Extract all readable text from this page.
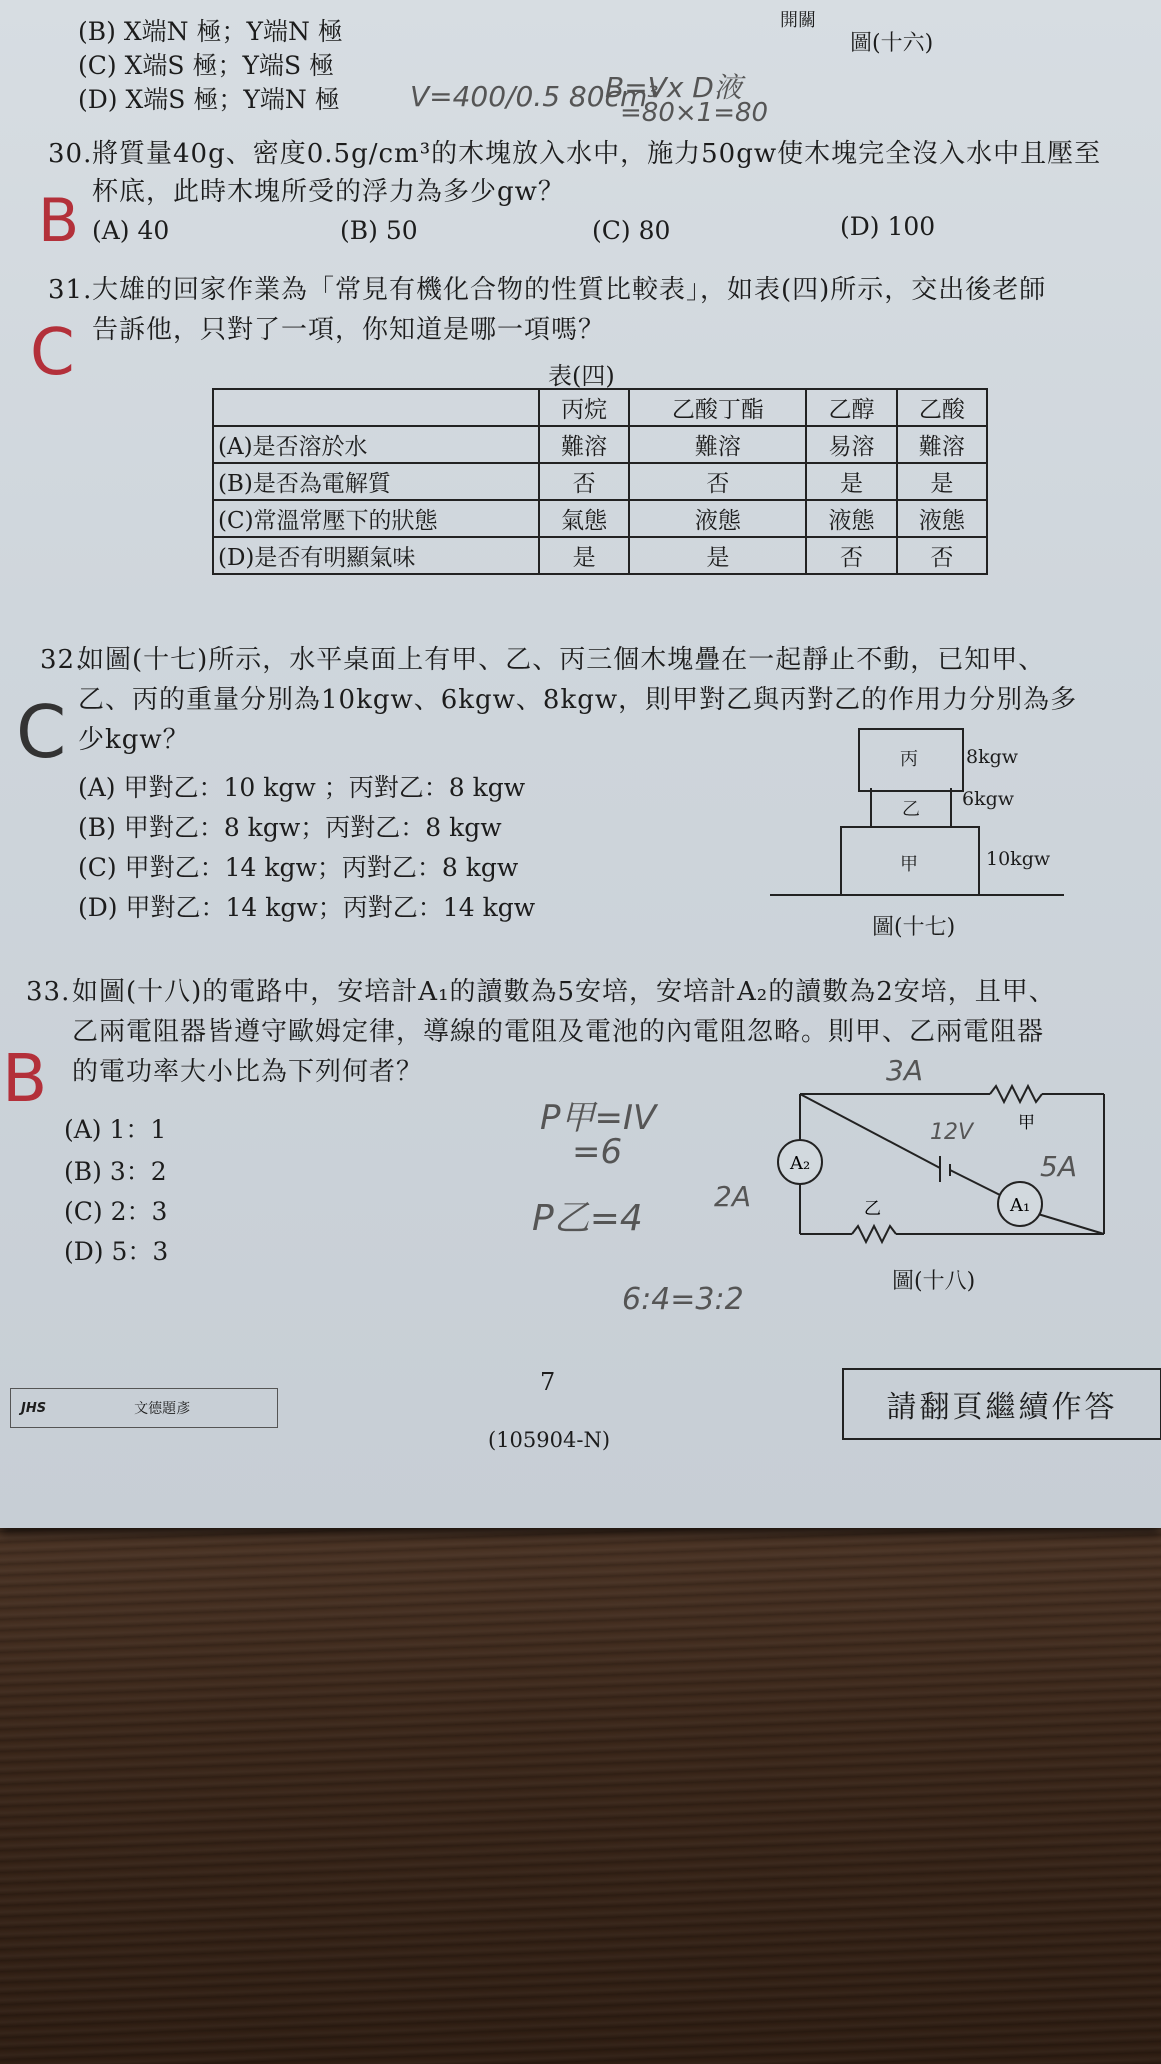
(B) X端N 極；Y端N 極
(C) X端S 極；Y端S 極
(D) X端S 極；Y端N 極
開關
圖(十六)
V=400/0.5 80cm³
B=Vx D液
=80×1=80
30. 將質量40g、密度0.5g/cm³的木塊放入水中，施力50gw使木塊完全沒入水中且壓至
杯底，此時木塊所受的浮力為多少gw？
(A) 40	(B) 50	(C) 80	(D) 100
B
31. 大雄的回家作業為「常見有機化合物的性質比較表」，如表(四)所示，交出後老師
告訴他，只對了一項，你知道是哪一項嗎？
C	表(四)
	丙烷	乙酸丁酯	乙醇	乙酸
(A)是否溶於水	難溶	難溶	易溶	難溶
(B)是否為電解質	否	否	是	是
(C)常溫常壓下的狀態	氣態	液態	液態	液態
(D)是否有明顯氣味	是	是	否	否
32.
如圖(十七)所示，水平桌面上有甲、乙、丙三個木塊疊在一起靜止不動，已知甲、
乙、丙的重量分別為10kgw、6kgw、8kgw，則甲對乙與丙對乙的作用力分別為多
少kgw？
C
(A) 甲對乙：10 kgw ；丙對乙：8 kgw
(B) 甲對乙：8 kgw；丙對乙：8 kgw
(C) 甲對乙：14 kgw；丙對乙：8 kgw
(D) 甲對乙：14 kgw；丙對乙：14 kgw
丙	8kgw
乙 6kgw
甲	10kgw
圖(十七)
33. 如圖(十八)的電路中，安培計A₁的讀數為5安培，安培計A₂的讀數為2安培，且甲、
乙兩電阻器皆遵守歐姆定律，導線的電阻及電池的內電阻忽略。則甲、乙兩電阻器
的電功率大小比為下列何者？
B
(A) 1：1
(B) 3：2
(C) 2：3
(D) 5：3
P甲=IV
=6
P乙=4
6:4=3:2
A₂
A₁
甲
乙
3A
2A
5A
12V
圖(十八)
7
(105904-N)
請翻頁繼續作答
JHS	文德題彥
